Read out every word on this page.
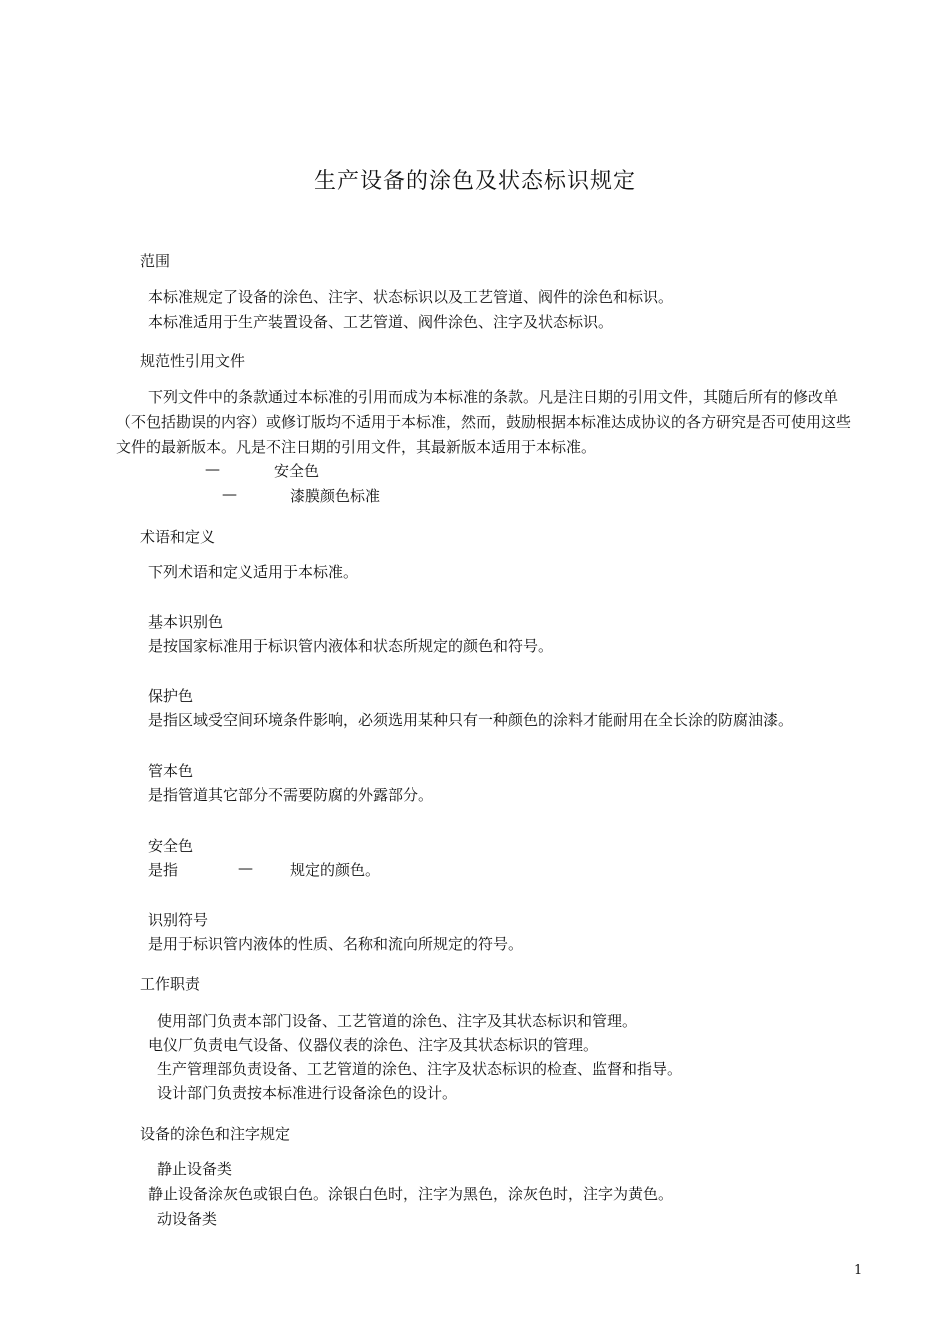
生产设备的涂色及状态标识规定
范围
本标准规定了设备的涂色、注字、状态标识以及工艺管道、阀件的涂色和标识。
本标准适用于生产装置设备、工艺管道、阀件涂色、注字及状态标识。
规范性引用文件
下列文件中的条款通过本标准的引用而成为本标准的条款。凡是注日期的引用文件，其随后所有的修改单（不包括勘误的内容）或修订版均不适用于本标准，然而，鼓励根据本标准达成协议的各方研究是否可使用这些文件的最新版本。凡是不注日期的引用文件，其最新版本适用于本标准。
—	安全色
—	漆膜颜色标准
术语和定义
下列术语和定义适用于本标准。
基本识别色
是按国家标准用于标识管内液体和状态所规定的颜色和符号。
保护色
是指区域受空间环境条件影响，必须选用某种只有一种颜色的涂料才能耐用在全长涂的防腐油漆。
管本色
是指管道其它部分不需要防腐的外露部分。
安全色
是指	— 规定的颜色。
识别符号
是用于标识管内液体的性质、名称和流向所规定的符号。
工作职责
使用部门负责本部门设备、工艺管道的涂色、注字及其状态标识和管理。
电仪厂负责电气设备、仪器仪表的涂色、注字及其状态标识的管理。
生产管理部负责设备、工艺管道的涂色、注字及状态标识的检查、监督和指导。
设计部门负责按本标准进行设备涂色的设计。
设备的涂色和注字规定
静止设备类
静止设备涂灰色或银白色。涂银白色时，注字为黑色，涂灰色时，注字为黄色。
动设备类
1
